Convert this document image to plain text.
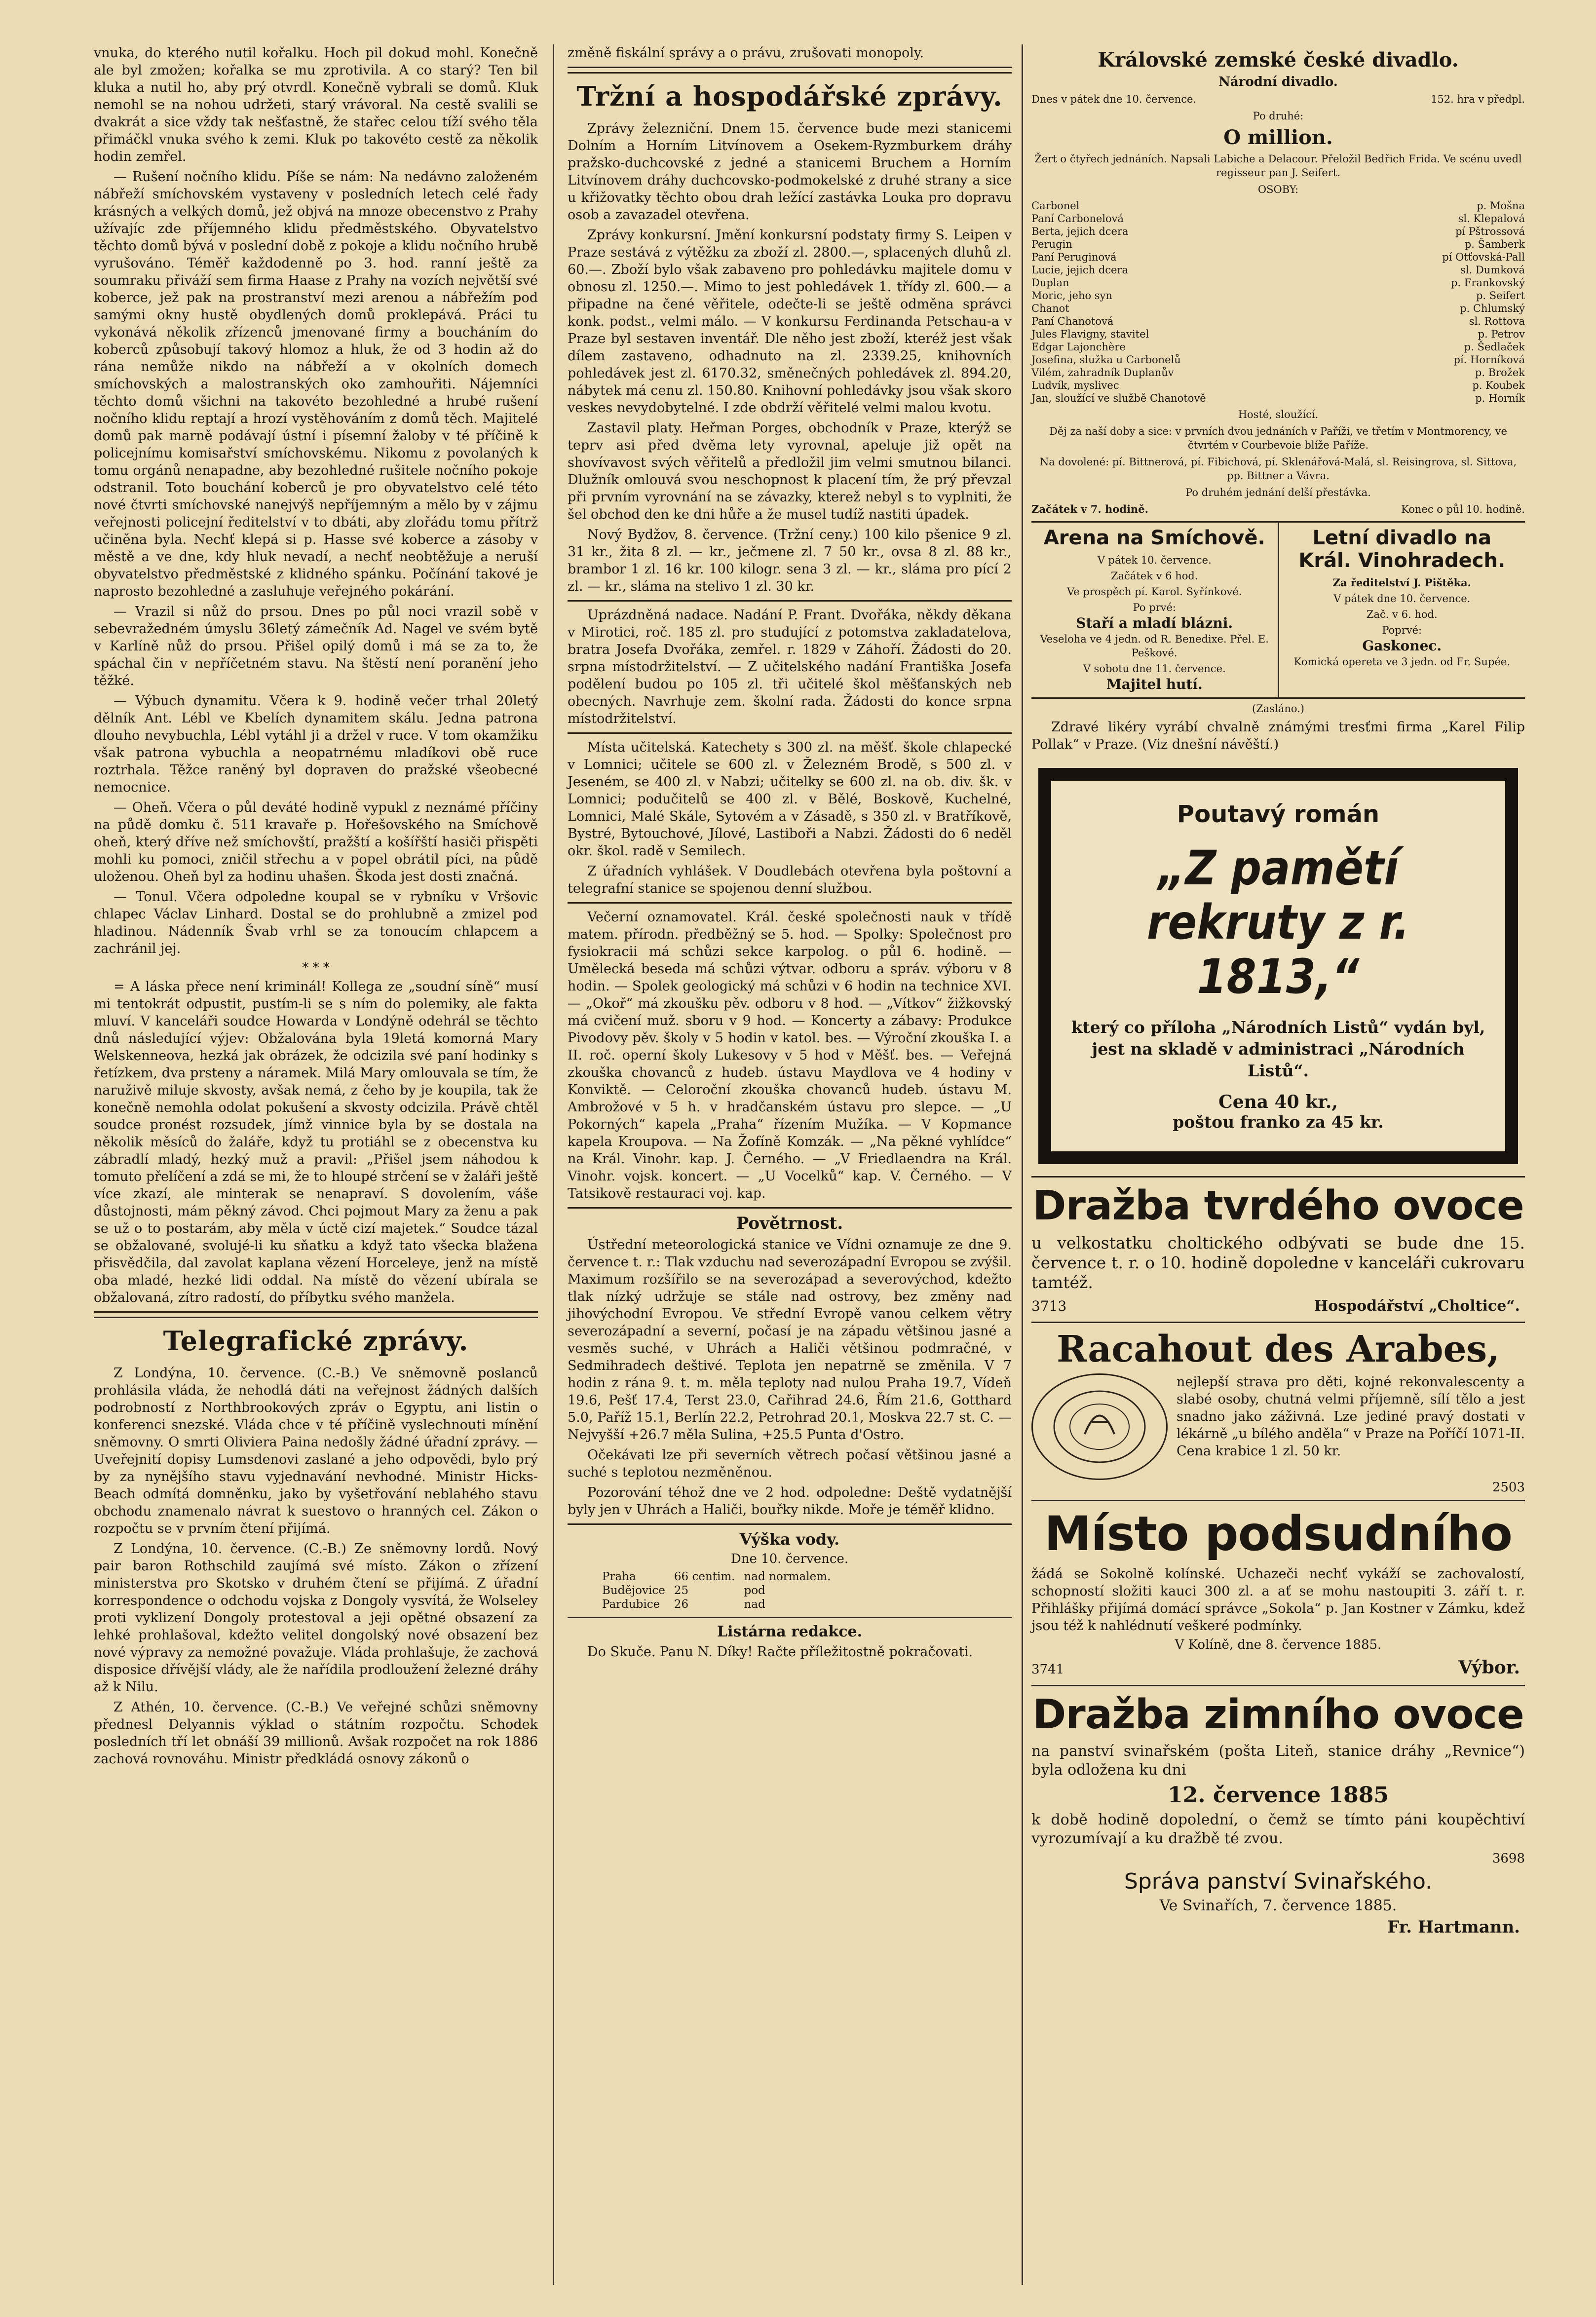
vnuka, do kterého nutil kořalku. Hoch pil dokud mohl. Konečně ale byl zmožen; kořalka se mu zprotivila. A co starý? Ten bil kluka a nutil ho, aby prý otvrdl. Konečně vybrali se domů. Kluk nemohl se na nohou udržeti, starý vrávoral. Na cestě svalili se dvakrát a sice vždy tak nešťastně, že stařec celou tíží svého těla přimáčkl vnuka svého k zemi. Kluk po takovéto cestě za několik hodin zemřel.

— Rušení nočního klidu. Píše se nám: Na nedávno založeném nábřeží smíchovském vystaveny v posledních letech celé řady krásných a velkých domů, jež objvá na mnoze obecenstvo z Prahy užívajíc zde příjemného klidu předměstského. Obyvatelstvo těchto domů bývá v poslední době z pokoje a klidu nočního hrubě vyrušováno. Téměř každodenně po 3. hod. ranní ještě za soumraku přiváží sem firma Haase z Prahy na vozích největší své koberce, jež pak na prostranství mezi arenou a nábřežím pod samými okny hustě obydlených domů proklepává. Práci tu vykonává několik zřízenců jmenované firmy a boucháním do koberců způsobují takový hlomoz a hluk, že od 3 hodin až do rána nemůže nikdo na nábřeží a v okolních domech smíchovských a malostranských oko zamhouřiti. Nájemníci těchto domů všichni na takovéto bezohledné a hrubé rušení nočního klidu reptají a hrozí vystěhováním z domů těch. Majitelé domů pak marně podávají ústní i písemní žaloby v té příčině k policejnímu komisařství smíchovskému. Nikomu z povolaných k tomu orgánů nenapadne, aby bezohledné rušitele nočního pokoje odstranil. Toto bouchání koberců je pro obyvatelstvo celé této nové čtvrti smíchovské nanejvýš nepříjemným a mělo by v zájmu veřejnosti policejní ředitelství v to dbáti, aby zlořádu tomu přítrž učiněna byla. Nechť klepá si p. Hasse své koberce a zásoby v městě a ve dne, kdy hluk nevadí, a nechť neobtěžuje a neruší obyvatelstvo předměstské z klidného spánku. Počínání takové je naprosto bezohledné a zasluhuje veřejného pokárání.

— Vrazil si nůž do prsou. Dnes po půl noci vrazil sobě v sebevražedném úmyslu 36letý zámečník Ad. Nagel ve svém bytě v Karlíně nůž do prsou. Přišel opilý domů i má se za to, že spáchal čin v nepříčetném stavu. Na štěstí není poranění jeho těžké.

— Výbuch dynamitu. Včera k 9. hodině večer trhal 20letý dělník Ant. Lébl ve Kbelích dynamitem skálu. Jedna patrona dlouho nevybuchla, Lébl vytáhl ji a držel v ruce. V tom okamžiku však patrona vybuchla a neopatrnému mladíkovi obě ruce roztrhala. Těžce raněný byl dopraven do pražské všeobecné nemocnice.

— Oheň. Včera o půl deváté hodině vypukl z neznámé příčiny na půdě domku č. 511 kravaře p. Hořešovského na Smíchově oheň, který dříve než smíchovští, pražští a košířští hasiči přispěti mohli ku pomoci, zničil střechu a v popel obrátil píci, na půdě uloženou. Oheň byl za hodinu uhašen. Škoda jest dosti značná.

— Tonul. Včera odpoledne koupal se v rybníku v Vršovic chlapec Václav Linhard. Dostal se do prohlubně a zmizel pod hladinou. Nádenník Švab vrhl se za tonoucím chlapcem a zachránil jej.

* * *

= A láska přece není kriminál! Kollega ze „soudní síně“ musí mi tentokrát odpustit, pustím-li se s ním do polemiky, ale fakta mluví. V kanceláři soudce Howarda v Londýně odehrál se těchto dnů následující výjev: Obžalována byla 19letá komorná Mary Welskenneova, hezká jak obrázek, že odcizila své paní hodinky s řetízkem, dva prsteny a náramek. Milá Mary omlouvala se tím, že naruživě miluje skvosty, avšak nemá, z čeho by je koupila, tak že konečně nemohla odolat pokušení a skvosty odcizila. Právě chtěl soudce pronést rozsudek, jímž vinnice byla by se dostala na několik měsíců do žaláře, když tu protiáhl se z obecenstva ku zábradlí mladý, hezký muž a pravil: „Přišel jsem náhodou k tomuto přelíčení a zdá se mi, že to hloupé strčení se v žaláři ještě více zkazí, ale minterak se nenapraví. S dovolením, váše důstojnosti, mám pěkný závod. Chci pojmout Mary za ženu a pak se už o to postarám, aby měla v úctě cizí majetek.“ Soudce tázal se obžalované, svolujé-li ku sňatku a když tato všecka blažena přisvědčila, dal zavolat kaplana vězení Horceleye, jenž na místě oba mladé, hezké lidi oddal. Na místě do vězení ubírala se obžalovaná, zítro radostí, do příbytku svého manžela.

Telegrafické zprávy.

Z Londýna, 10. července. (C.-B.) Ve sněmovně poslanců prohlásila vláda, že nehodlá dáti na veřejnost žádných dalších podrobností z Northbrookových zpráv o Egyptu, ani listin o konferenci snezské. Vláda chce v té příčině vyslechnouti mínění sněmovny. O smrti Oliviera Paina nedošly žádné úřadní zprávy. — Uveřejnití dopisy Lumsdenovi zaslané a jeho odpovědi, bylo prý by za nynějšího stavu vyjednavání nevhodné. Ministr Hicks-Beach odmítá domněnku, jako by vyšetřování neblahého stavu obchodu znamenalo návrat k suestovo o hranných cel. Zákon o rozpočtu se v prvním čtení přijímá.

Z Londýna, 10. července. (C.-B.) Ze sněmovny lordů. Nový pair baron Rothschild zaujímá své místo. Zákon o zřízení ministerstva pro Skotsko v druhém čtení se přijímá. Z úřadní korrespondence o odchodu vojska z Dongoly vysvítá, že Wolseley proti vyklizení Dongoly protestoval a jeji opětné obsazení za lehké prohlašoval, kdežto velitel dongolský nové obsazení bez nové výpravy za nemožné považuje. Vláda prohlašuje, že zachová disposice dřívější vlády, ale že nařídila prodloužení železné dráhy až k Nilu.

Z Athén, 10. července. (C.-B.) Ve veřejné schůzi sněmovny přednesl Delyannis výklad o státním rozpočtu. Schodek posledních tří let obnáší 39 millionů. Avšak rozpočet na rok 1886 zachová rovnováhu. Ministr předkládá osnovy zákonů o

změně fiskální správy a o právu, zrušovati monopoly.

Tržní a hospodářské zprávy.

Zprávy železniční. Dnem 15. července bude mezi stanicemi Dolním a Horním Litvínovem a Osekem-Ryzmburkem dráhy pražsko-duchcovské z jedné a stanicemi Bruchem a Horním Litvínovem dráhy duchcovsko-podmokelské z druhé strany a sice u křižovatky těchto obou drah ležící zastávka Louka pro dopravu osob a zavazadel otevřena.

Zprávy konkursní. Jmění konkursní podstaty firmy S. Leipen v Praze sestává z výtěžku za zboží zl. 2800.—, splacených dluhů zl. 60.—. Zboží bylo však zabaveno pro pohledávku majitele domu v obnosu zl. 1250.—. Mimo to jest pohledávek 1. třídy zl. 600.— a připadne na čené věřitele, odečte-li se ještě odměna správci konk. podst., velmi málo. — V konkursu Ferdinanda Petschau-a v Praze byl sestaven inventář. Dle něho jest zboží, kteréž jest však dílem zastaveno, odhadnuto na zl. 2339.25, knihovních pohledávek jest zl. 6170.32, směnečných pohledávek zl. 894.20, nábytek má cenu zl. 150.80. Knihovní pohledávky jsou však skoro veskes nevydobytelné. I zde obdrží věřitelé velmi malou kvotu.

Zastavil platy. Heřman Porges, obchodník v Praze, kterýž se teprv asi před dvěma lety vyrovnal, apeluje již opět na shovívavost svých věřitelů a předložil jim velmi smutnou bilanci. Dlužník omlouvá svou neschopnost k placení tím, že prý převzal při prvním vyrovnání na se závazky, kterež nebyl s to vyplniti, že šel obchod den ke dni hůře a že musel tudíž nastiti úpadek.

Nový Bydžov, 8. července. (Tržní ceny.) 100 kilo pšenice 9 zl. 31 kr., žita 8 zl. — kr., ječmene zl. 7 50 kr., ovsa 8 zl. 88 kr., brambor 1 zl. 16 kr. 100 kilogr. sena 3 zl. — kr., sláma pro pící 2 zl. — kr., sláma na stelivo 1 zl. 30 kr.

Uprázdněná nadace. Nadání P. Frant. Dvořáka, někdy děkana v Mirotici, roč. 185 zl. pro studující z potomstva zakladatelova, bratra Josefa Dvořáka, zemřel. r. 1829 v Záhoří. Žádosti do 20. srpna místodržitelství. — Z učitelského nadání Františka Josefa podělení budou po 105 zl. tři učitelé škol měšťanských neb obecných. Navrhuje zem. školní rada. Žádosti do konce srpna místodržitelství.

Místa učitelská. Katechety s 300 zl. na měšť. škole chlapecké v Lomnici; učitele se 600 zl. v Železném Brodě, s 500 zl. v Jeseném, se 400 zl. v Nabzi; učitelky se 600 zl. na ob. div. šk. v Lomnici; podučitelů se 400 zl. v Bělé, Boskově, Kuchelné, Lomnici, Malé Skále, Sytovém a v Zásadě, s 350 zl. v Bratříkově, Bystré, Bytouchové, Jílové, Lastiboři a Nabzi. Žádosti do 6 neděl okr. škol. radě v Semilech.

Z úřadních vyhlášek. V Doudlebách otevřena byla poštovní a telegrafní stanice se spojenou denní službou.

Večerní oznamovatel. Král. české společnosti nauk v třídě matem. přírodn. předběžný se 5. hod. — Spolky: Společnost pro fysiokracii má schůzi sekce karpolog. o půl 6. hodině. — Umělecká beseda má schůzi výtvar. odboru a správ. výboru v 8 hodin. — Spolek geologický má schůzi v 6 hodin na technice XVI. — „Okoř“ má zkoušku pěv. odboru v 8 hod. — „Vítkov“ žižkovský má cvičení muž. sboru v 9 hod. — Koncerty a zábavy: Produkce Pivodovy pěv. školy v 5 hodin v katol. bes. — Výroční zkouška I. a II. roč. operní školy Lukesovy v 5 hod v Měšť. bes. — Veřejná zkouška chovanců z hudeb. ústavu Maydlova ve 4 hodiny v Konviktě. — Celoroční zkouška chovanců hudeb. ústavu M. Ambrožové v 5 h. v hradčanském ústavu pro slepce. — „U Pokorných“ kapela „Praha“ řízením Mužíka. — V Kopmance kapela Kroupova. — Na Žofíně Komzák. — „Na pěkné vyhlídce“ na Král. Vinohr. kap. J. Černého. — „V Friedlaendra na Král. Vinohr. vojsk. koncert. — „U Vocelků“ kap. V. Černého. — V Tatsikově restauraci voj. kap.

Povětrnost.

Ústřední meteorologická stanice ve Vídni oznamuje ze dne 9. července t. r.: Tlak vzduchu nad severozápadní Evropou se zvýšil. Maximum rozšířilo se na severozápad a severovýchod, kdežto tlak nízký udržuje se stále nad ostrovy, bez změny nad jihovýchodní Evropou. Ve střední Evropě vanou celkem větry severozápadní a severní, počasí je na západu většinou jasné a vesměs suché, v Uhrách a Haliči většinou podmračné, v Sedmihradech deštivé. Teplota jen nepatrně se změnila. V 7 hodin z rána 9. t. m. měla teploty nad nulou Praha 19.7, Vídeň 19.6, Pešť 17.4, Terst 23.0, Cařihrad 24.6, Řím 21.6, Gotthard 5.0, Paříž 15.1, Berlín 22.2, Petrohrad 20.1, Moskva 22.7 st. C. — Nejvyšší +26.7 měla Sulina, +25.5 Punta d'Ostro.

Očekávati lze při severních větrech počasí většinou jasné a suché s teplotou nezměněnou.

Pozorování téhož dne ve 2 hod. odpoledne: Deště vydatnější byly jen v Uhrách a Haliči, bouřky nikde. Moře je téměř klidno.

Výška vody.
Dne 10. července.
Praha	66 centim.	nad normalem.
Budějovice	25	pod
Pardubice	26	nad
Listárna redakce.

Do Skuče. Panu N. Díky! Račte příležitostně pokračovati.

Královské zemské české divadlo.
Národní divadlo.
Dnes v pátek dne 10. července.	152. hra v předpl.
Po druhé:
O million.
Žert o čtyřech jednáních. Napsali Labiche a Delacour. Přeložil Bedřich Frida. Ve scénu uvedl regisseur pan J. Seifert.
OSOBY:
Carbonel	p. Mošna
Paní Carbonelová	sl. Klepalová
Berta, jejich dcera	pí Pštrossová
Perugin	p. Šamberk
Paní Peruginová	pí Otťovská-Pall
Lucie, jejich dcera	sl. Dumková
Duplan	p. Frankovský
Moric, jeho syn	p. Seifert
Chanot	p. Chlumský
Paní Chanotová	sl. Rottova
Jules Flavigny, stavitel	p. Petrov
Edgar Lajonchère	p. Šedlaček
Josefina, služka u Carbonelů	pí. Horníková
Vilém, zahradník Duplanův	p. Brožek
Ludvík, myslivec	p. Koubek
Jan, sloužící ve službě Chanotově	p. Horník
Hosté, sloužící.
Děj za naší doby a sice: v prvních dvou jednáních v Paříži, ve třetím v Montmorency, ve čtvrtém v Courbevoie blíže Paříže.
Na dovolené: pí. Bittnerová, pí. Fibichová, pí. Sklenářová-Malá, sl. Reisingrova, sl. Sittova, pp. Bittner a Vávra.
Po druhém jednání delší přestávka.
Začátek v 7. hodině.	Konec o půl 10. hodině.
Arena na Smíchově.

V pátek 10. července.

Začátek v 6 hod.

Ve prospěch pí. Karol. Syřínkové.

Po prvé:

Staří a mladí blázni.

Veseloha ve 4 jedn. od R. Benedixe. Přel. E. Peškové.

V sobotu dne 11. července.

Majitel hutí.

Letní divadlo na Král. Vinohradech.

Za ředitelství J. Pištěka.

V pátek dne 10. července.

Zač. v 6. hod.

Poprvé:

Gaskonec.

Komická opereta ve 3 jedn. od Fr. Supée.

(Zasláno.)

Zdravé likéry vyrábí chvalně známými tresťmi firma „Karel Filip Pollak“ v Praze. (Viz dnešní návěští.)

Poutavý román
„Z pamětí rekruty z r. 1813,“
který co příloha „Národních Listů“ vydán byl, jest na skladě v administraci „Národních Listů“.
Cena 40 kr.,
poštou franko za 45 kr.
Dražba tvrdého ovoce

u velkostatku choltického odbývati se bude dne 15. července t. r. o 10. hodině dopoledne v kanceláři cukrovaru tamtéž.

3713	Hospodářství „Choltice“.
Racahout des Arabes,

nejlepší strava pro děti, kojné rekonvalescenty a slabé osoby, chutná velmi příjemně, sílí tělo a jest snadno jako záživná. Lze jediné pravý dostati v lékárně „u bílého anděla“ v Praze na Poříčí 1071-II. Cena krabice 1 zl. 50 kr.

2503
Místo podsudního

žádá se Sokolně kolínské. Uchazeči nechť vykáží se zachovalostí, schopností složiti kauci 300 zl. a ať se mohu nastoupiti 3. září t. r. Přihlášky přijímá domácí správce „Sokola“ p. Jan Kostner v Zámku, kdež jsou též k nahlédnutí veškeré podmínky.

V Kolíně, dne 8. července 1885.
3741	Výbor.
Dražba zimního ovoce

na panství svinařském (pošta Liteň, stanice dráhy „Revnice“) byla odložena ku dni

12. července 1885

k době hodině dopolední, o čemž se tímto páni koupěchtiví vyrozumívají a ku dražbě té zvou.

3698
Správa panství Svinařského.
Ve Svinařích, 7. července 1885.
Fr. Hartmann.
